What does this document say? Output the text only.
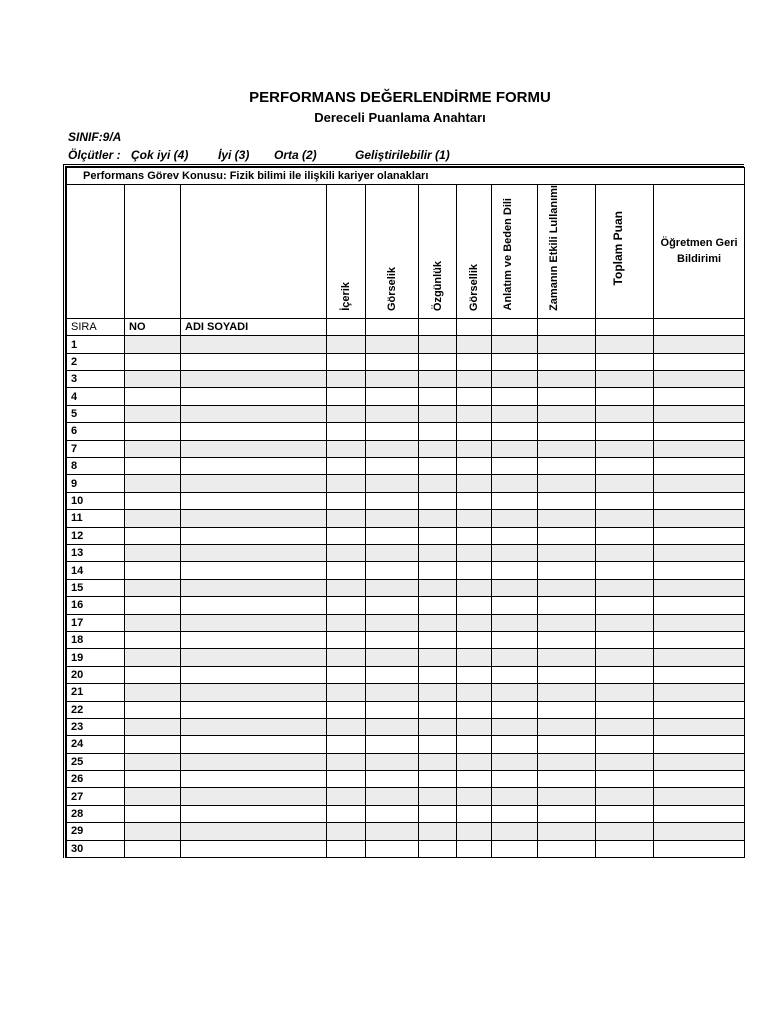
PERFORMANS DEĞERLENDİRME FORMU
Dereceli Puanlama Anahtarı
SINIF:9/A
Ölçütler : Çok iyi (4) İyi (3) Orta (2)	Geliştirilebilir (1)
Performans Görev Konusu: Fizik bilimi ile ilişkili kariyer olanakları										
			İçerik	Görselik	Özgünlük	Görsellik	Anlatım ve Beden Dili	Zamanın Etkili Lullanımı	Toplam Puan	Öğretmen Geri Bildirimi
SIRA	NO	ADI SOYADI								
1										
2										
3										
4										
5										
6										
7										
8										
9										
10										
11										
12										
13										
14										
15										
16										
17										
18										
19										
20										
21										
22										
23										
24										
25										
26										
27										
28										
29										
30										
